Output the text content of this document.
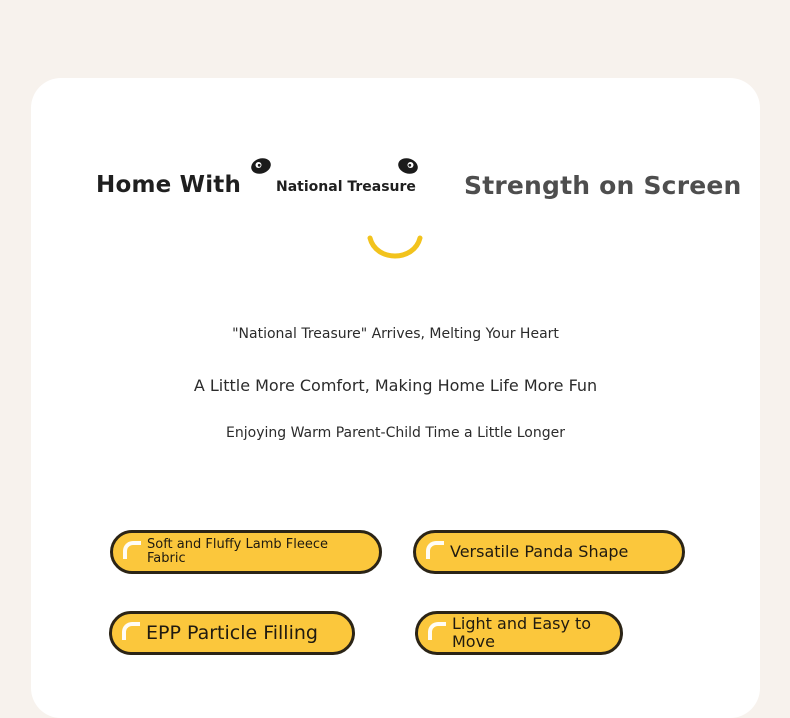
Home With National Treasure Strength on Screen
"National Treasure" Arrives, Melting Your Heart
A Little More Comfort, Making Home Life More Fun
Enjoying Warm Parent-Child Time a Little Longer
Soft and Fluffy Lamb Fleece Fabric	Versatile Panda Shape
EPP Particle Filling	Light and Easy to Move
